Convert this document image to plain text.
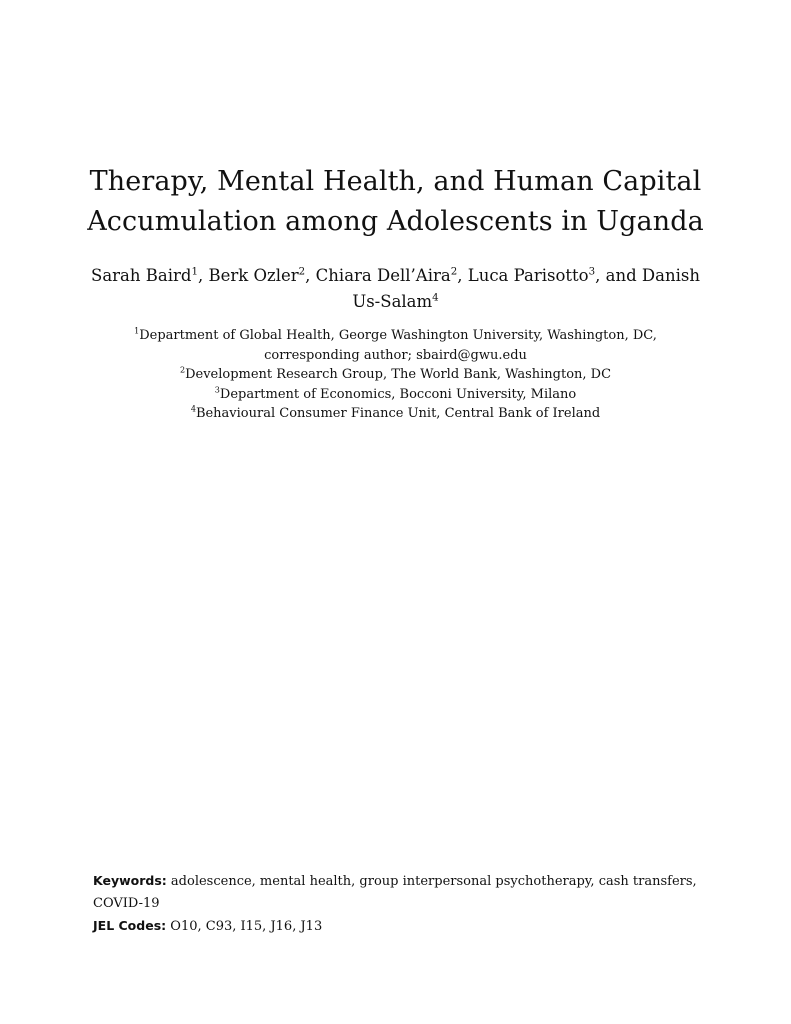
Therapy, Mental Health, and Human Capital
Accumulation among Adolescents in Uganda
Sarah Baird$^1$, Berk Ozler$^2$, Chiara Dell’Aira$^2$, Luca Parisotto$^3$, and Danish Us-Salam$^4$
$^1$Department of Global Health, George Washington University, Washington, DC, corresponding author; sbaird@gwu.edu
$^2$Development Research Group, The World Bank, Washington, DC
$^3$Department of Economics, Bocconi University, Milano
$^4$Behavioural Consumer Finance Unit, Central Bank of Ireland
Keywords: adolescence, mental health, group interpersonal psychotherapy, cash transfers, COVID-19
JEL Codes: O10, C93, I15, J16, J13
